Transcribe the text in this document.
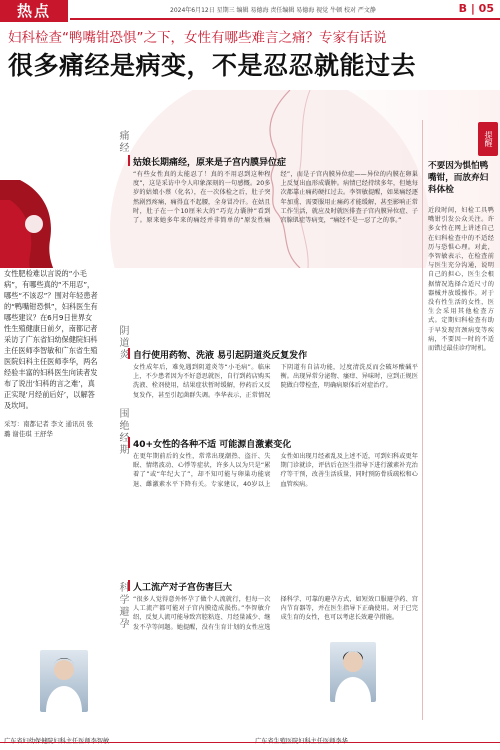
热点	2024年6月12日 星期三 编辑 易德海 责任编辑 易德海 视觉 牛顿 校对 严文静	B | 05
妇科检查“鸭嘴钳恐惧”之下，女性有哪些难言之痛？专家有话说
很多痛经是病变，不是忍忍就能过去

女性肥检难以言说的“小毛病”，有哪些真的“不用忍”，哪些“不该忍”？围对年轻患者的“鸭嘴钳恐惧”，妇科医生有哪些建议？在6月9日世界女性生殖健康日前夕，南都记者采访了广东省妇幼保健院妇科主任医师李智敏和广东省生殖医院妇科主任医师李华，两名经验丰富的妇科医生向读者发布了说出‘妇科的言之难’，真正实现‘月经前后好’，以解答及坎坷。

采写：南都记者 李文 通讯员 张璐 谢佳琪 王舒华

痛经
阴道炎
围绝经期
科学避孕
姑娘长期痛经，原来是子宫内膜异位症
“有些女性真的太能忍了！真的不用忍到这种程度”，这是采访中令人印象深刻的一句感慨。20多岁的姑娘小蔡（化名），在一次体检之后，肚子突然剧烈疼痛，痛得直不起腰，全身冒冷汗。在姑且时，肚子在一个10厘米大的“巧克力囊肿”看到了。原来她多年来的痛经并非简单的“原发性痛经”，而是子宫内膜异位症——异位的内膜在卵巢上反复出血形成囊肿。病情已经持续多年，但她每次都靠止痛药硬扛过去。李智敏提醒，如果痛经逐年加重、需要服用止痛药才能缓解，甚至影响正常工作生活，就应及时就医排查子宫内膜异位症、子宫腺肌症等病变，“痛经不是一忍了之的事。”
自行使用药物、洗液 易引起阴道炎反复发作
女性成年后，难免遇到阴道炎等“小毛病”。临床上，不少患者因为不好意思就医，自行到药店购买洗液、栓剂使用，结果症状暂时缓解，停药后又反复发作，甚至引起菌群失调。李华表示，正常情况下阴道有自洁功能，过度清洗反而会破坏酸碱平衡。出现异常分泌物、瘙痒、异味时，应到正规医院做白带检查，明确病原体后对症治疗。
40+女性的各种不适 可能源自激素变化
在更年期前后的女性，常常出现潮热、盗汗、失眠、情绪波动、心悸等症状，许多人以为只是“累着了”或“年纪大了”，却不知可能与卵巢功能衰退、雌激素水平下降有关。专家建议，40岁以上女性如出现月经紊乱及上述不适，可到妇科或更年期门诊就诊，评估后在医生指导下进行激素补充治疗等干预，改善生活质量，同时预防骨质疏松和心血管疾病。
人工流产对子宫伤害巨大
“很多人觉得意外怀孕了做个人流就行，但每一次人工流产都可能对子宫内膜造成损伤。”李智敏介绍，反复人流可能导致宫腔粘连、月经量减少、继发不孕等问题。她提醒，没有生育计划的女性应选择科学、可靠的避孕方式，如短效口服避孕药、宫内节育器等，并在医生指导下正确使用。对于已完成生育的女性，也可以考虑长效避孕措施。
提醒
不要因为惧怕鸭嘴钳，而放弃妇科体检
近段时间，妇检工具鸭嘴钳引发公众关注。许多女性在网上讲述自己在妇科检查中的不适经历与恐惧心理。对此，李智敏表示，在检查前与医生充分沟通，说明自己的担心，医生会根据情况选择合适尺寸的器械并放缓操作。对于没有性生活的女性，医生会采用其他检查方式。定期妇科检查有助于早发现宫颈病变等疾病，不要因一时的不适而错过最佳诊疗时机。
